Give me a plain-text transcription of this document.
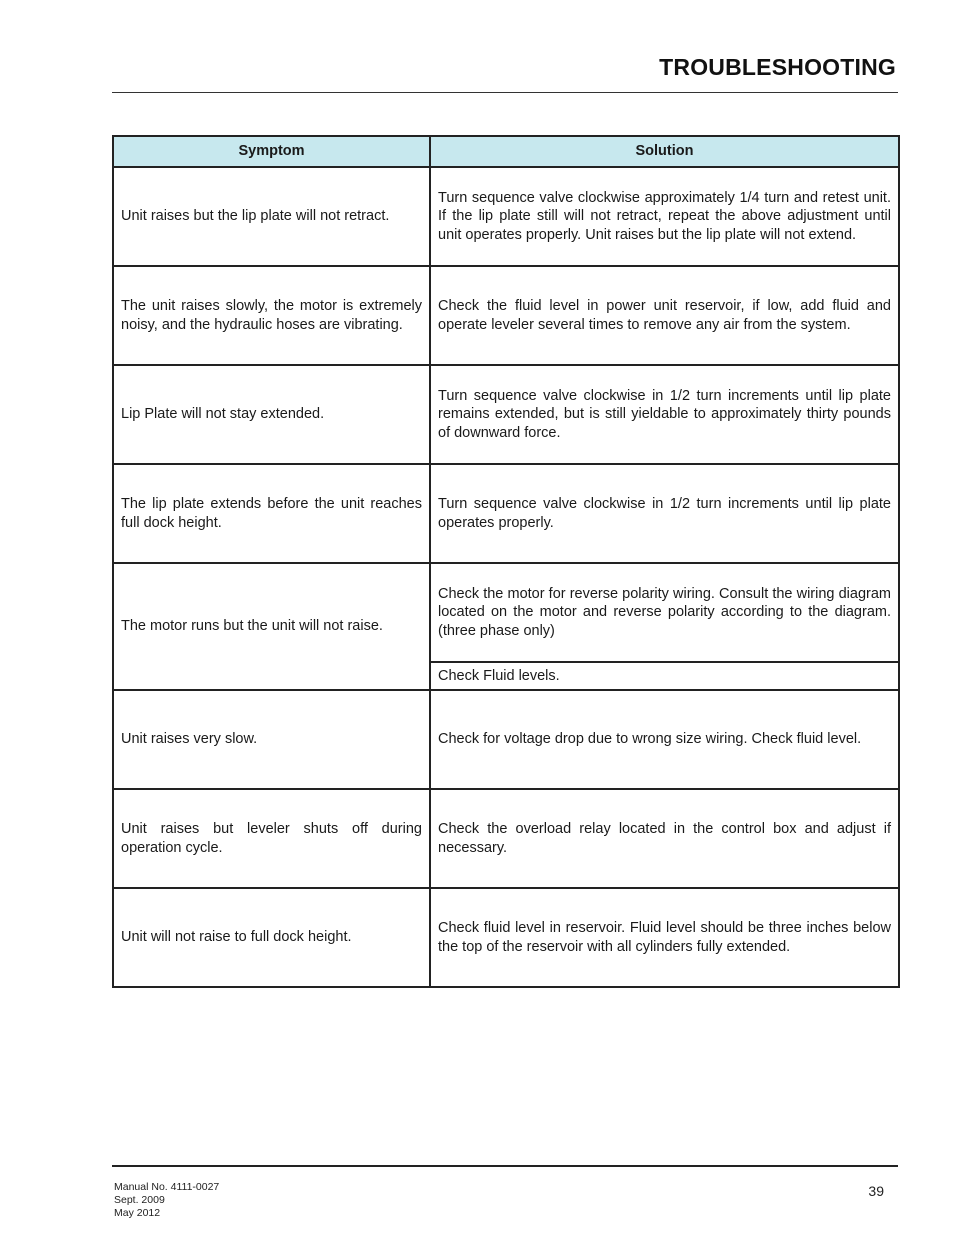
TROUBLESHOOTING
Symptom	Solution
Unit raises but the lip plate will not retract.	Turn sequence valve clockwise approximately 1/4 turn and retest unit. If the lip plate still will not retract, repeat the above adjustment until unit operates properly. Unit raises but the lip plate will not extend.
The unit raises slowly, the motor is extremely noisy, and the hydraulic hoses are vibrating.	Check the fluid level in power unit reservoir, if low, add fluid and operate leveler several times to remove any air from the system.
Lip Plate will not stay extended.	Turn sequence valve clockwise in 1/2 turn increments until lip plate remains extended, but is still yieldable to approximately thirty pounds of downward force.
The lip plate extends before the unit reaches full dock height.	Turn sequence valve clockwise in 1/2 turn increments until lip plate operates properly.
The motor runs but the unit will not raise.	Check the motor for reverse polarity wiring. Consult the wiring diagram located on the motor and reverse polarity according to the diagram. (three phase only)
	Check Fluid levels.
Unit raises very slow.	Check for voltage drop due to wrong size wiring. Check fluid level.
Unit raises but leveler shuts off during operation cycle.	Check the overload relay located in the control box and adjust if necessary.
Unit will not raise to full dock height.	Check fluid level in reservoir. Fluid level should be three inches below the top of the reservoir with all cylinders fully extended.
Manual No. 4111-0027
Sept. 2009
May 2012
39
